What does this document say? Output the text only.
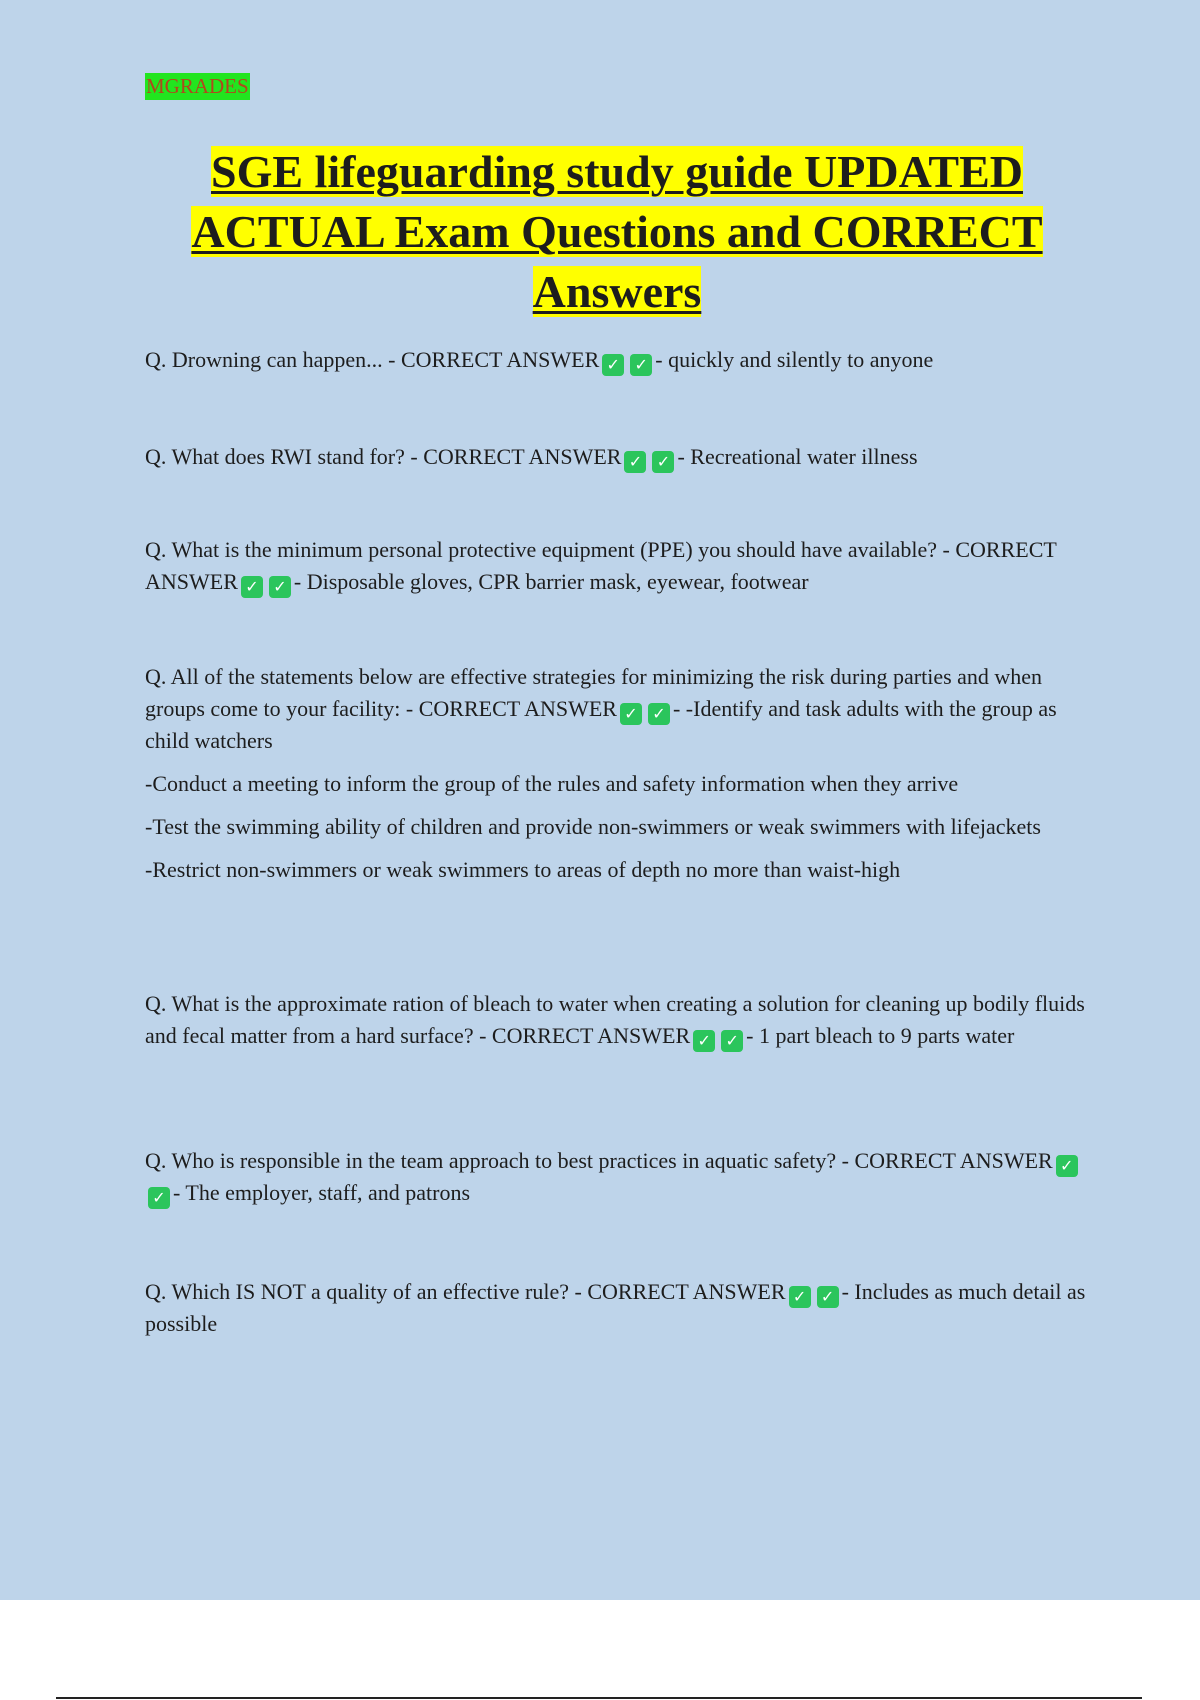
MGRADES
SGE lifeguarding study guide UPDATED ACTUAL Exam Questions and CORRECT Answers

Q. Drowning can happen... - CORRECT ANSWER ✓ ✓ - quickly and silently to anyone

Q. What does RWI stand for? - CORRECT ANSWER ✓ ✓ - Recreational water illness

Q. What is the minimum personal protective equipment (PPE) you should have available? - CORRECT ANSWER ✓ ✓ - Disposable gloves, CPR barrier mask, eyewear, footwear

Q. All of the statements below are effective strategies for minimizing the risk during parties and when groups come to your facility: - CORRECT ANSWER ✓ ✓ - -Identify and task adults with the group as child watchers

-Conduct a meeting to inform the group of the rules and safety information when they arrive

-Test the swimming ability of children and provide non-swimmers or weak swimmers with lifejackets

-Restrict non-swimmers or weak swimmers to areas of depth no more than waist-high

Q. What is the approximate ration of bleach to water when creating a solution for cleaning up bodily fluids and fecal matter from a hard surface? - CORRECT ANSWER ✓ ✓ - 1 part bleach to 9 parts water

Q. Who is responsible in the team approach to best practices in aquatic safety? - CORRECT ANSWER ✓✓ - The employer, staff, and patrons

Q. Which IS NOT a quality of an effective rule? - CORRECT ANSWER ✓ ✓ - Includes as much detail as possible
